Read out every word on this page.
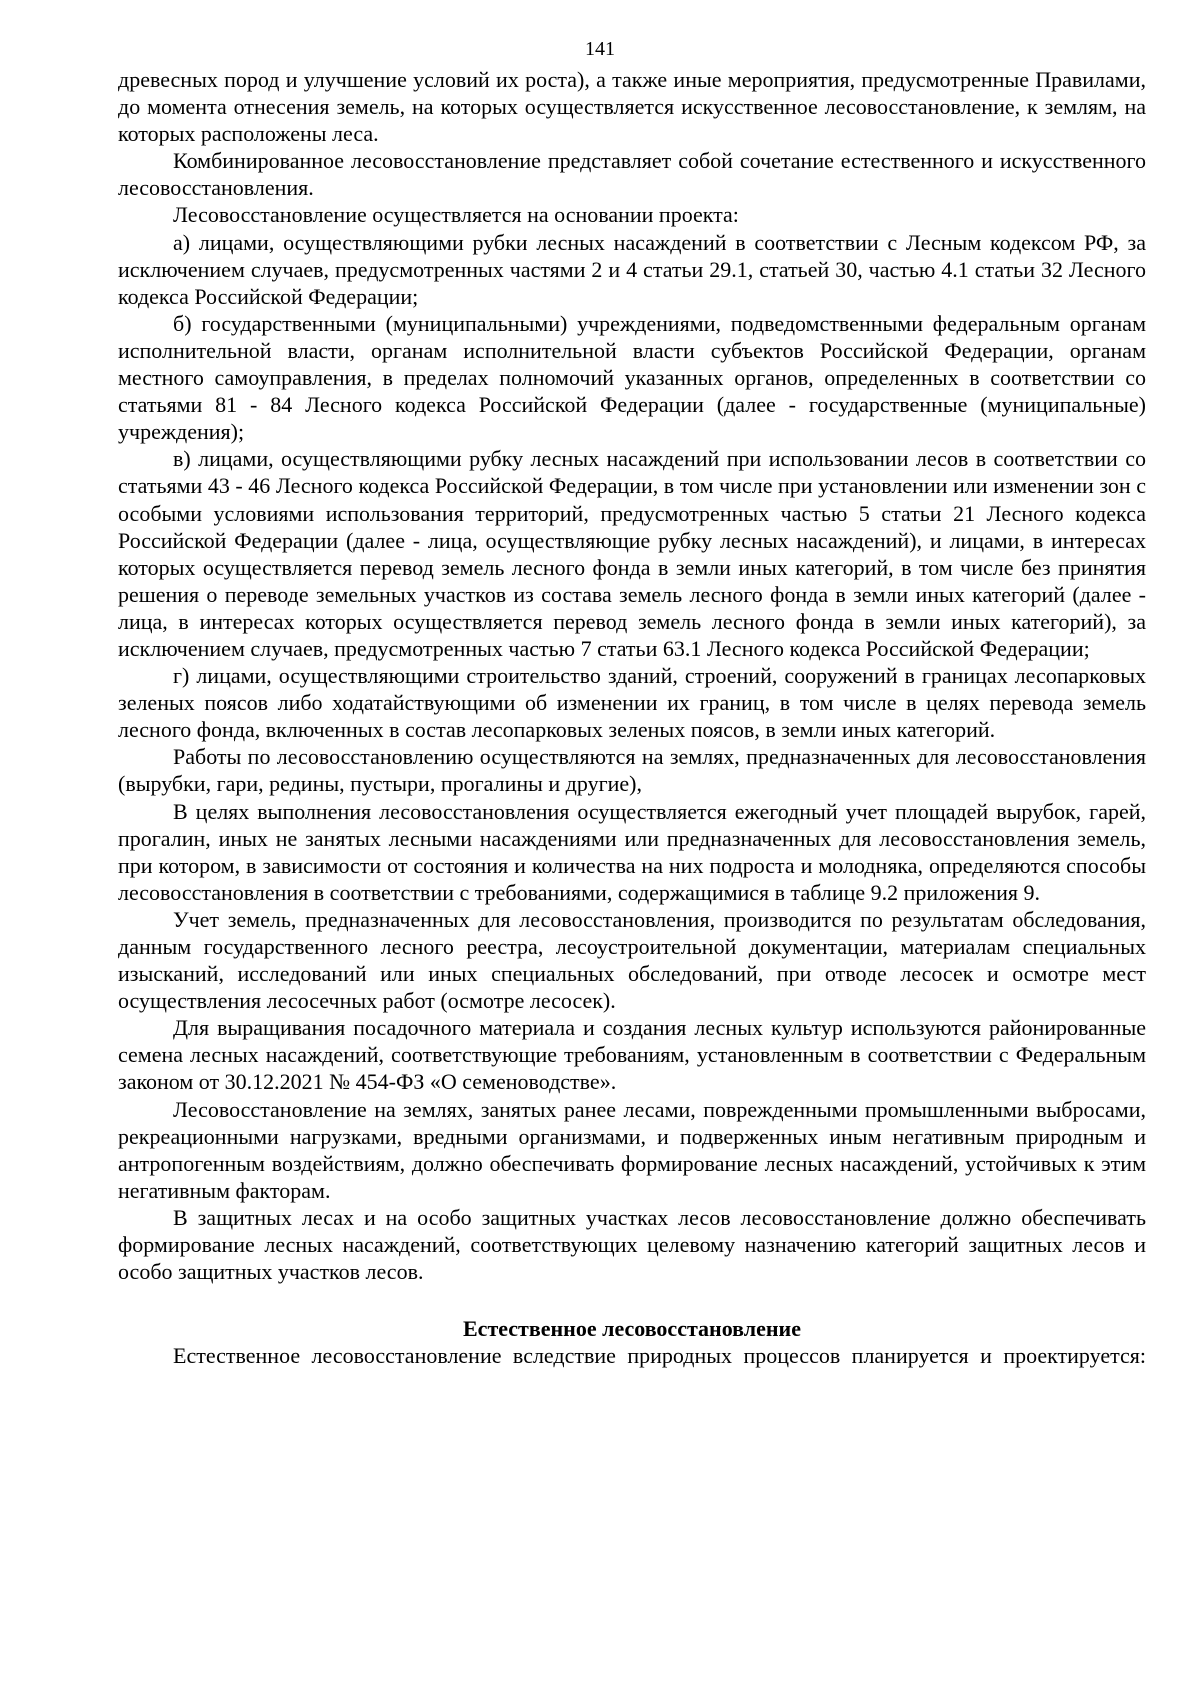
141

древесных пород и улучшение условий их роста), а также иные мероприятия, предусмотренные Правилами, до момента отнесения земель, на которых осуществляется искусственное лесовосстановление, к землям, на которых расположены леса.

Комбинированное лесовосстановление представляет собой сочетание естественного и искусственного лесовосстановления.

Лесовосстановление осуществляется на основании проекта:

а) лицами, осуществляющими рубки лесных насаждений в соответствии с Лесным кодексом РФ, за исключением случаев, предусмотренных частями 2 и 4 статьи 29.1, статьей 30, частью 4.1 статьи 32 Лесного кодекса Российской Федерации;

б) государственными (муниципальными) учреждениями, подведомственными федеральным органам исполнительной власти, органам исполнительной власти субъектов Российской Федерации, органам местного самоуправления, в пределах полномочий указанных органов, определенных в соответствии со статьями 81 - 84 Лесного кодекса Российской Федерации (далее - государственные (муниципальные) учреждения);

в) лицами, осуществляющими рубку лесных насаждений при использовании лесов в соответствии со статьями 43 - 46 Лесного кодекса Российской Федерации, в том числе при установлении или изменении зон с особыми условиями использования территорий, предусмотренных частью 5 статьи 21 Лесного кодекса Российской Федерации (далее - лица, осуществляющие рубку лесных насаждений), и лицами, в интересах которых осуществляется перевод земель лесного фонда в земли иных категорий, в том числе без принятия решения о переводе земельных участков из состава земель лесного фонда в земли иных категорий (далее - лица, в интересах которых осуществляется перевод земель лесного фонда в земли иных категорий), за исключением случаев, предусмотренных частью 7 статьи 63.1 Лесного кодекса Российской Федерации;

г) лицами, осуществляющими строительство зданий, строений, сооружений в границах лесопарковых зеленых поясов либо ходатайствующими об изменении их границ, в том числе в целях перевода земель лесного фонда, включенных в состав лесопарковых зеленых поясов, в земли иных категорий.

Работы по лесовосстановлению осуществляются на землях, предназначенных для лесовосстановления (вырубки, гари, редины, пустыри, прогалины и другие),

В целях выполнения лесовосстановления осуществляется ежегодный учет площадей вырубок, гарей, прогалин, иных не занятых лесными насаждениями или предназначенных для лесовосстановления земель, при котором, в зависимости от состояния и количества на них подроста и молодняка, определяются способы лесовосстановления в соответствии с требованиями, содержащимися в таблице 9.2 приложения 9.

Учет земель, предназначенных для лесовосстановления, производится по результатам обследования, данным государственного лесного реестра, лесоустроительной документации, материалам специальных изысканий, исследований или иных специальных обследований, при отводе лесосек и осмотре мест осуществления лесосечных работ (осмотре лесосек).

Для выращивания посадочного материала и создания лесных культур используются районированные семена лесных насаждений, соответствующие требованиям, установленным в соответствии с Федеральным законом от 30.12.2021 № 454-ФЗ «О семеноводстве».

Лесовосстановление на землях, занятых ранее лесами, поврежденными промышленными выбросами, рекреационными нагрузками, вредными организмами, и подверженных иным негативным природным и антропогенным воздействиям, должно обеспечивать формирование лесных насаждений, устойчивых к этим негативным факторам.

В защитных лесах и на особо защитных участках лесов лесовосстановление должно обеспечивать формирование лесных насаждений, соответствующих целевому назначению категорий защитных лесов и особо защитных участков лесов.

Естественное лесовосстановление

Естественное лесовосстановление вследствие природных процессов планируется и проектируется:
